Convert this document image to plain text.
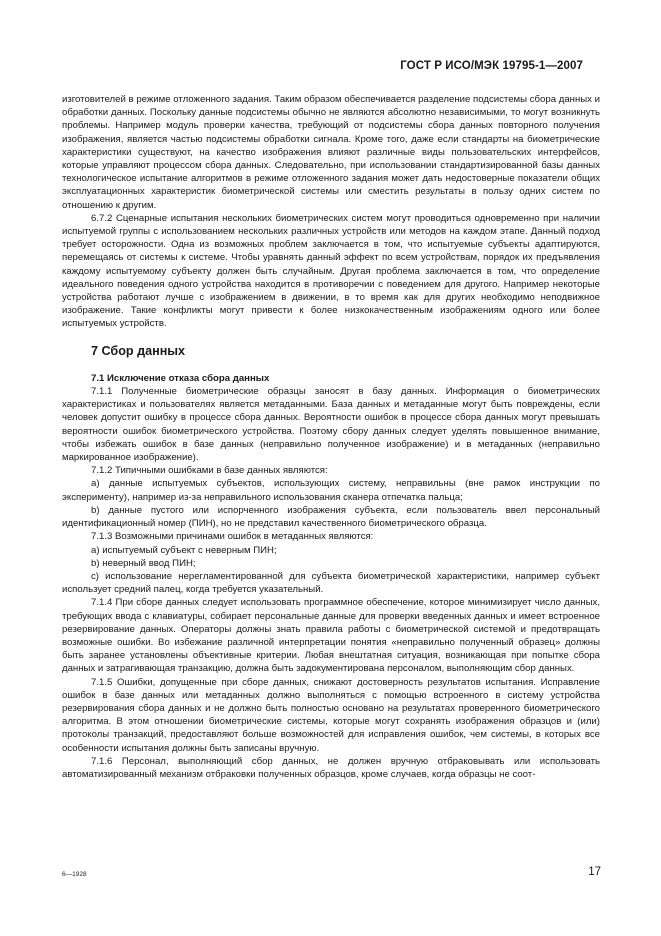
ГОСТ Р ИСО/МЭК 19795-1—2007

изготовителей в режиме отложенного задания. Таким образом обеспечивается разделение подсистемы сбора данных и обработки данных. Поскольку данные подсистемы обычно не являются абсолютно независимыми, то могут возникнуть проблемы. Например модуль проверки качества, требующий от подсистемы сбора данных повторного получения изображения, является частью подсистемы обработки сигнала. Кроме того, даже если стандарты на биометрические характеристики существуют, на качество изображения влияют различные виды пользовательских интерфейсов, которые управляют процессом сбора данных. Следовательно, при использовании стандартизированной базы данных технологическое испытание алгоритмов в режиме отложенного задания может дать недостоверные показатели общих эксплуатационных характеристик биометрической системы или сместить результаты в пользу одних систем по отношению к другим.

6.7.2 Сценарные испытания нескольких биометрических систем могут проводиться одновременно при наличии испытуемой группы с использованием нескольких различных устройств или методов на каждом этапе. Данный подход требует осторожности. Одна из возможных проблем заключается в том, что испытуемые субъекты адаптируются, перемещаясь от системы к системе. Чтобы уравнять данный эффект по всем устройствам, порядок их предъявления каждому испытуемому субъекту должен быть случайным. Другая проблема заключается в том, что определение идеального поведения одного устройства находится в противоречии с поведением для другого. Например некоторые устройства работают лучше с изображением в движении, в то время как для других необходимо неподвижное изображение. Такие конфликты могут привести к более низкокачественным изображениям одного или более испытуемых устройств.

7 Сбор данных
7.1 Исключение отказа сбора данных

7.1.1 Полученные биометрические образцы заносят в базу данных. Информация о биометрических характеристиках и пользователях является метаданными. База данных и метаданные могут быть повреждены, если человек допустит ошибку в процессе сбора данных. Вероятности ошибок в процессе сбора данных могут превышать вероятности ошибок биометрического устройства. Поэтому сбору данных следует уделять повышенное внимание, чтобы избежать ошибок в базе данных (неправильно полученное изображение) и в метаданных (неправильно маркированное изображение).

7.1.2 Типичными ошибками в базе данных являются:

a) данные испытуемых субъектов, использующих систему, неправильны (вне рамок инструкции по эксперименту), например из-за неправильного использования сканера отпечатка пальца;

b) данные пустого или испорченного изображения субъекта, если пользователь ввел персональный идентификационный номер (ПИН), но не представил качественного биометрического образца.

7.1.3 Возможными причинами ошибок в метаданных являются:

a) испытуемый субъект с неверным ПИН;

b) неверный ввод ПИН;

c) использование нерегламентированной для субъекта биометрической характеристики, например субъект использует средний палец, когда требуется указательный.

7.1.4 При сборе данных следует использовать программное обеспечение, которое минимизирует число данных, требующих ввода с клавиатуры, собирает персональные данные для проверки введенных данных и имеет встроенное резервирование данных. Операторы должны знать правила работы с биометрической системой и предотвращать возможные ошибки. Во избежание различной интерпретации понятия «неправильно полученный образец» должны быть заранее установлены объективные критерии. Любая внештатная ситуация, возникающая при попытке сбора данных и затрагивающая транзакцию, должна быть задокументирована персоналом, выполняющим сбор данных.

7.1.5 Ошибки, допущенные при сборе данных, снижают достоверность результатов испытания. Исправление ошибок в базе данных или метаданных должно выполняться с помощью встроенного в систему устройства резервирования сбора данных и не должно быть полностью основано на результатах проверенного биометрического алгоритма. В этом отношении биометрические системы, которые могут сохранять изображения образцов и (или) протоколы транзакций, предоставляют больше возможностей для исправления ошибок, чем системы, в которых все особенности испытания должны быть записаны вручную.

7.1.6 Персонал, выполняющий сбор данных, не должен вручную отбраковывать или использовать автоматизированный механизм отбраковки полученных образцов, кроме случаев, когда образцы не соот-

6—1928	17
